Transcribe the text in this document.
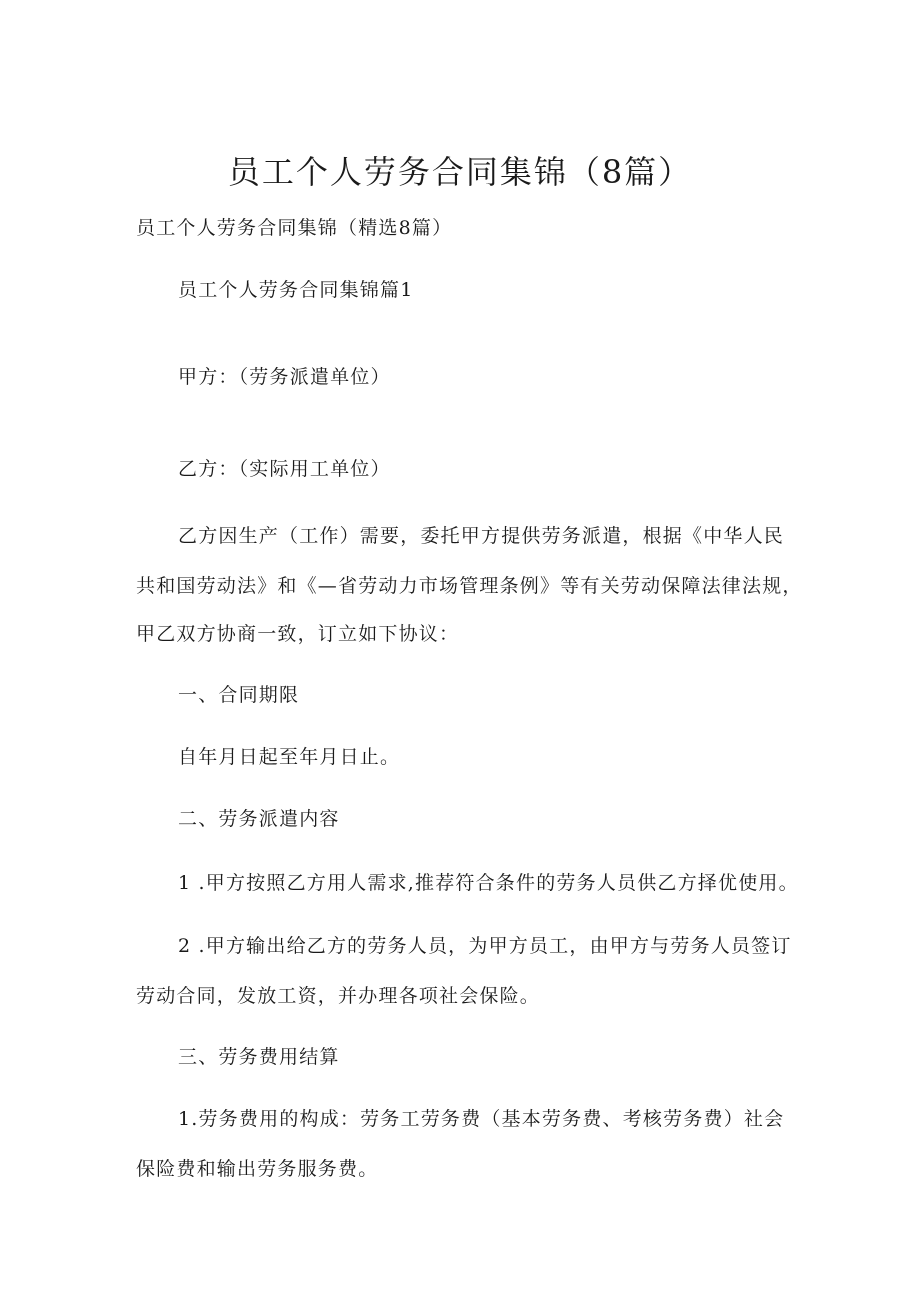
员工个人劳务合同集锦（8篇）
员工个人劳务合同集锦（精选8篇）
员工个人劳务合同集锦篇1
甲方：（劳务派遣单位）
乙方：（实际用工单位）
乙方因生产（工作）需要，委托甲方提供劳务派遣，根据《中华人民
共和国劳动法》和《—省劳动力市场管理条例》等有关劳动保障法律法规，
甲乙双方协商一致，订立如下协议：
一、合同期限
自年月日起至年月日止。
二、劳务派遣内容
1 .甲方按照乙方用人需求,推荐符合条件的劳务人员供乙方择优使用。
2 .甲方输出给乙方的劳务人员，为甲方员工，由甲方与劳务人员签订
劳动合同，发放工资，并办理各项社会保险。
三、劳务费用结算
1.劳务费用的构成：劳务工劳务费（基本劳务费、考核劳务费）社会
保险费和输出劳务服务费。
